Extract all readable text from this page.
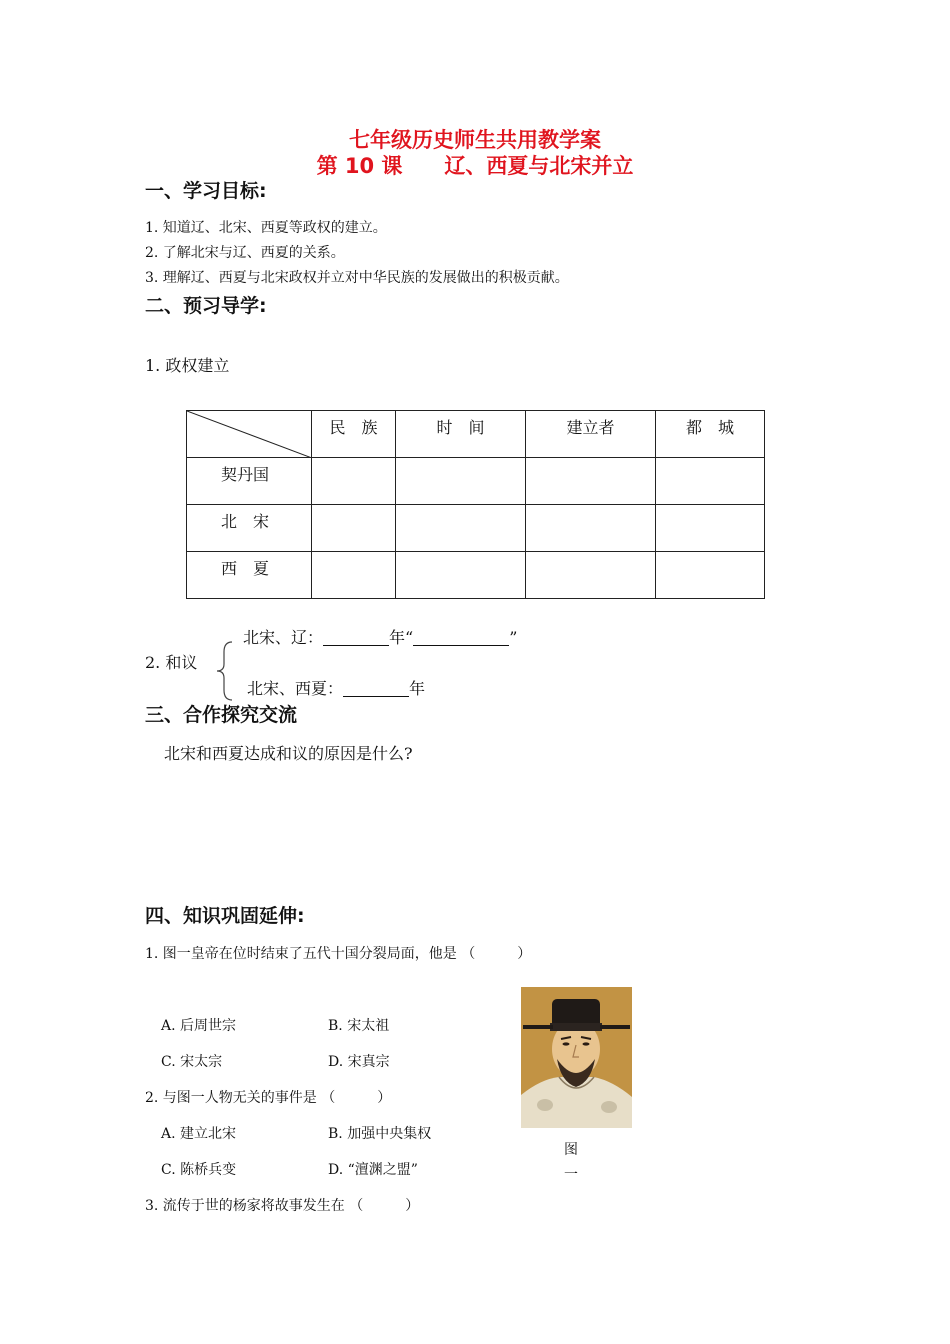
七年级历史师生共用教学案
第 10 课　　辽、西夏与北宋并立
一、学习目标:
1. 知道辽、北宋、西夏等政权的建立。
2. 了解北宋与辽、西夏的关系。
3. 理解辽、西夏与北宋政权并立对中华民族的发展做出的积极贡献。
二、预习导学:
1. 政权建立
	民　族	时　间	建立者	都　城
契丹国				
北　宋				
西　夏				
2. 和议
北宋、辽：	年“	”
北宋、西夏：	年
三、合作探究交流
北宋和西夏达成和议的原因是什么?
四、知识巩固延伸:
1. 图一皇帝在位时结束了五代十国分裂局面，他是 （　　　）
A. 后周世宗	B. 宋太祖
C. 宋太宗	D. 宋真宗
2. 与图一人物无关的事件是 （　　　）
A. 建立北宋	B. 加强中央集权
C. 陈桥兵变	D. “澶渊之盟”
3. 流传于世的杨家将故事发生在 （　　　）
图
一
